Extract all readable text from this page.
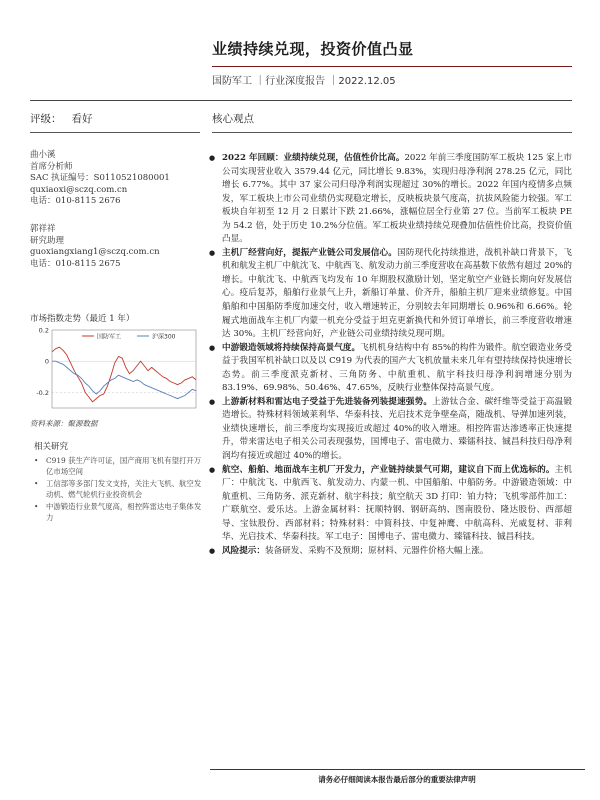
业绩持续兑现，投资价值凸显
国防军工 ｜行业深度报告 ｜2022.12.05
评级： 看好	核心观点
曲小溪
首席分析师
SAC 执证编号：S0110521080001
quxiaoxi@sczq.com.cn
电话：010-8115 2676
郭祥祥
研究助理
guoxiangxiang1@sczq.com.cn
电话：010-8115 2675
市场指数走势（最近 1 年）
0.2
0
-0.2
国防军工	沪深300
资料来源：聚源数据
相关研究
• C919 获生产许可证，国产商用飞机有望打开万亿市场空间
• 工信部等多部门发文支持，关注大飞机、航空发动机、燃气轮机行业投资机会
• 中游锻造行业景气度高，相控阵雷达电子集体发力
● 2022 年回顾：业绩持续兑现，估值性价比高。2022 年前三季度国防军工板块 125 家上市公司实现营业收入 3579.44 亿元，同比增长 9.83%，实现归母净利润 278.25 亿元，同比增长 6.77%。其中 37 家公司归母净利润实现超过 30%的增长。2022 年国内疫情多点频发，军工板块上市公司业绩仍实现稳定增长，反映板块景气度高，抗拔风险能力较强。军工板块自年初至 12 月 2 日累计下跌 21.66%，涨幅位居全行业第 27 位。当前军工板块 PE 为 54.2 倍，处于历史 10.2%分位值。军工板块业绩持续兑现叠加估值性价比高，投资价值凸显。
● 主机厂经营向好，提振产业链公司发展信心。国防现代化持续推进，战机补缺口背景下，飞机和航发主机厂中航沈飞、中航西飞、航发动力前三季度营收在高基数下依然有超过 20%的增长。中航沈飞、中航西飞均发布 10 年期股权激励计划，坚定航空产业链长期向好发展信心。疫后复苏，船舶行业景气上升，新船订单量、价齐升，船舶主机厂迎来业绩修复。中国船舶和中国船防季度加速交付，收入增速转正，分别较去年同期增长 0.96%和 6.66%。轮履式地面战车主机厂内蒙一机充分受益于坦克更新换代和外贸订单增长，前三季度营收增速达 30%。主机厂经营向好，产业链公司业绩持续兑现可期。
● 中游锻造领域将持续保持高景气度。飞机机身结构中有 85%的构件为锻件。航空锻造业务受益于我国军机补缺口以及以 C919 为代表的国产大飞机放量未来几年有望持续保持快速增长态势。前三季度派克新材、三角防务、中航重机、航宇科技归母净利润增速分别为 83.19%、69.98%、50.46%、47.65%，反映行业整体保持高景气度。
● 上游新材料和雷达电子受益于先进装备列装提速强势。上游钛合金、碳纤维等受益于高温锻造增长。特殊材料领域莱利华、华泰科技、光启技术竞争壁垒高，随战机、导弹加速列装，业绩快速增长，前三季度均实现接近或超过 40%的收入增速。相控阵雷达渗透率正快速提升，带来雷达电子相关公司表现强势，国博电子、雷电微力、臻镭科技、铖昌科技归母净利润均有接近或超过 40%的增长。
● 航空、船舶、地面战车主机厂开发力，产业链持续景气可期，建议自下而上优选标的。主机厂：中航沈飞、中航西飞、航发动力、内蒙一机、中国船舶、中船防务。中游锻造领域：中航重机、三角防务、派克新材、航宇科技；航空航天 3D 打印：铂力特；飞机零部件加工：广联航空、爱乐达。上游金属材料：抚顺特钢、钢研高纳、图南股份、隆达股份、西部超导、宝钛股份、西部材料；特殊材料：中简科技、中复神鹰、中航高科、光威复材、菲利华、光启技术、华秦科技。军工电子：国博电子、雷电微力、臻镭科技、铖昌科技。
● 风险提示：装备研发、采购不及预期；原材料、元器件价格大幅上涨。
请务必仔细阅读本报告最后部分的重要法律声明
